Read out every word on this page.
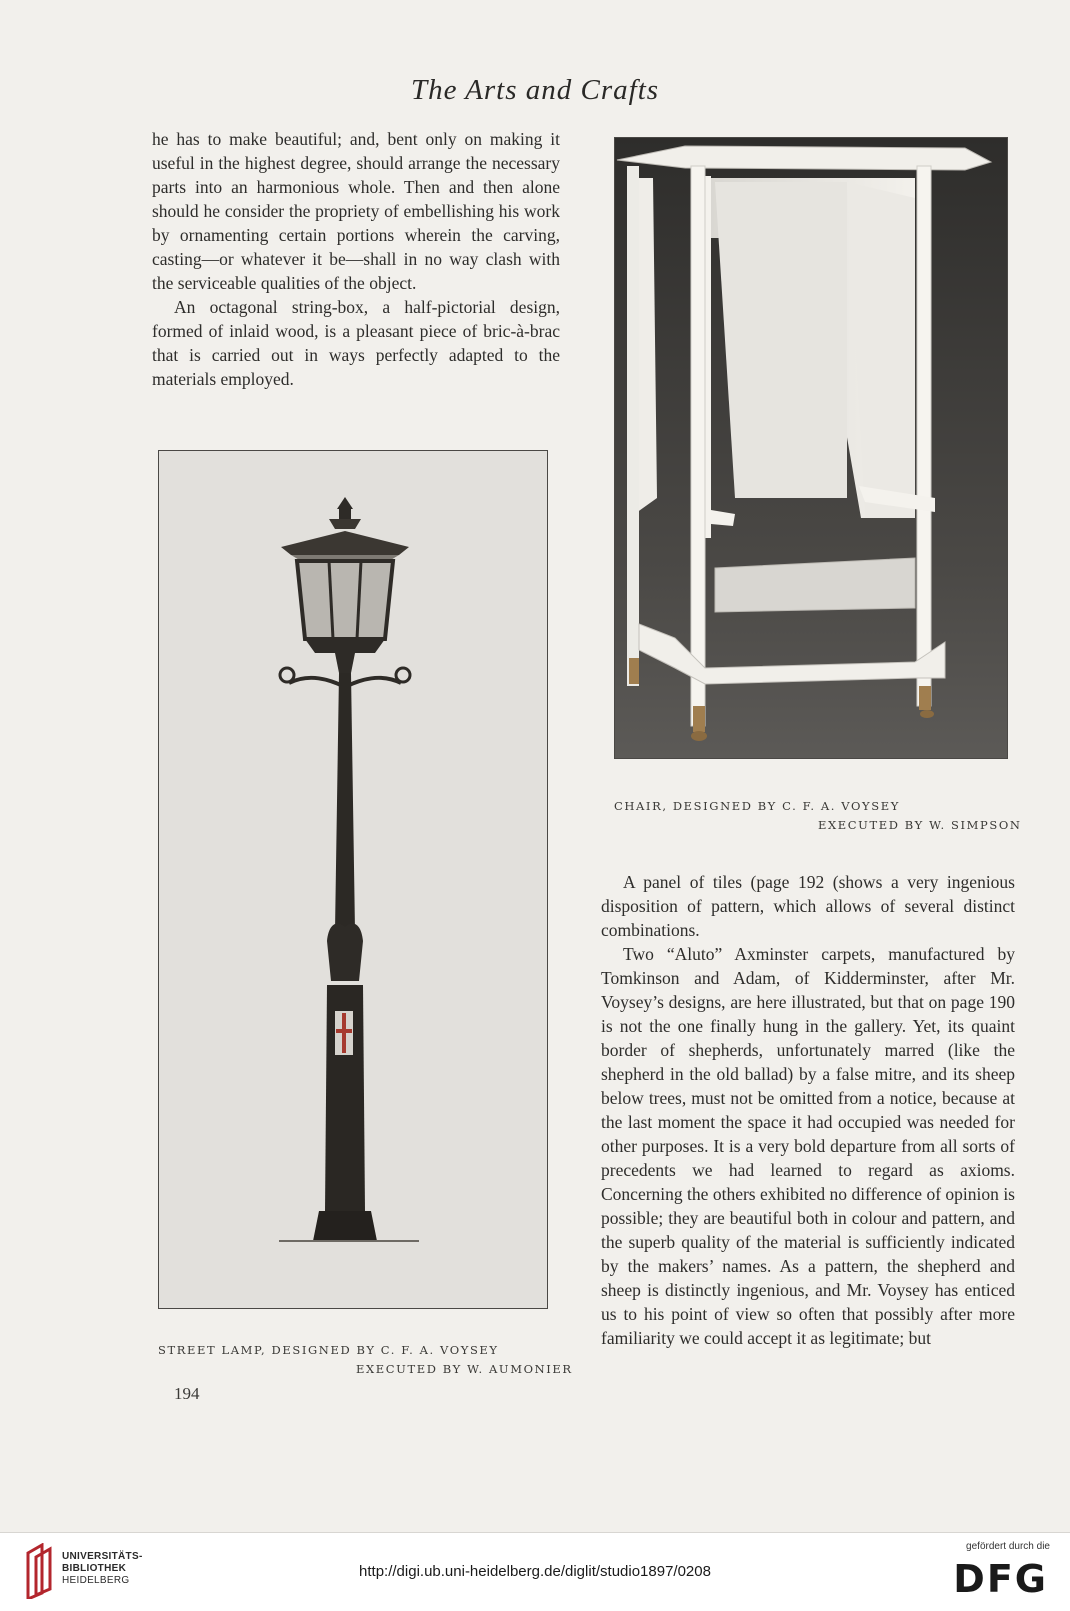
The Arts and Crafts

he has to make beautiful; and, bent only on making it useful in the highest degree, should arrange the necessary parts into an harmonious whole. Then and then alone should he consider the propriety of embellishing his work by ornamenting certain portions wherein the carving, casting—or whatever it be—shall in no way clash with the serviceable qualities of the object.

An octagonal string-box, a half-pictorial design, formed of inlaid wood, is a pleasant piece of bric-à-brac that is carried out in ways perfectly adapted to the materials employed.

CHAIR, DESIGNED BY C. F. A. VOYSEY
EXECUTED BY W. SIMPSON

A panel of tiles (page 192 (shows a very ingenious disposition of pattern, which allows of several distinct combinations.

Two “Aluto” Axminster carpets, manufactured by Tomkinson and Adam, of Kidderminster, after Mr. Voysey’s designs, are here illustrated, but that on page 190 is not the one finally hung in the gallery. Yet, its quaint border of shepherds, unfortunately marred (like the shepherd in the old ballad) by a false mitre, and its sheep below trees, must not be omitted from a notice, because at the last moment the space it had occupied was needed for other purposes. It is a very bold departure from all sorts of precedents we had learned to regard as axioms. Concerning the others exhibited no difference of opinion is possible; they are beautiful both in colour and pattern, and the superb quality of the material is sufficiently indicated by the makers’ names. As a pattern, the shepherd and sheep is distinctly ingenious, and Mr. Voysey has enticed us to his point of view so often that possibly after more familiarity we could accept it as legitimate; but

STREET LAMP, DESIGNED BY C. F. A. VOYSEY
EXECUTED BY W. AUMONIER
194
UNIVERSITÄTS-
BIBLIOTHEK
HEIDELBERG
http://digi.ub.uni-heidelberg.de/diglit/studio1897/0208
gefördert durch die
DFG
